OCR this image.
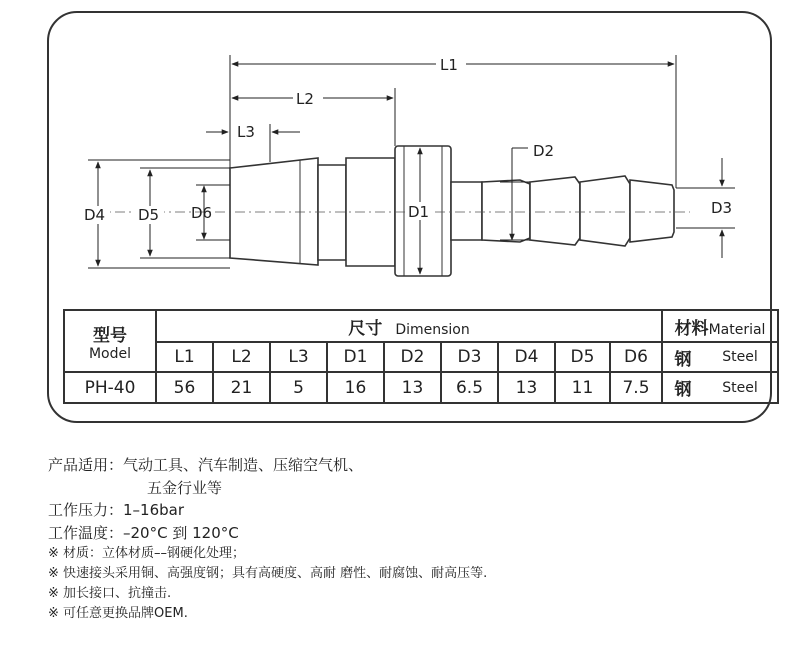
L1
L2
L3
D4 D5 D6	D1
D2
D3
型号
Model	尺寸 Dimension									材料Material	
	L1	L2	L3	D1	D2	D3	D4	D5	D6	钢	Steel
PH-40	56	21	5	16	13	6.5	13	11	7.5	钢	Steel
产品适用：气动工具、汽车制造、压缩空气机、
五金行业等
工作压力：1–16bar
工作温度：–20°C 到 120°C
※ 材质：立体材质––钢硬化处理；
※ 快速接头采用铜、高强度钢；具有高硬度、高耐 磨性、耐腐蚀、耐高压等.
※ 加长接口、抗撞击.
※ 可任意更换品牌OEM.
